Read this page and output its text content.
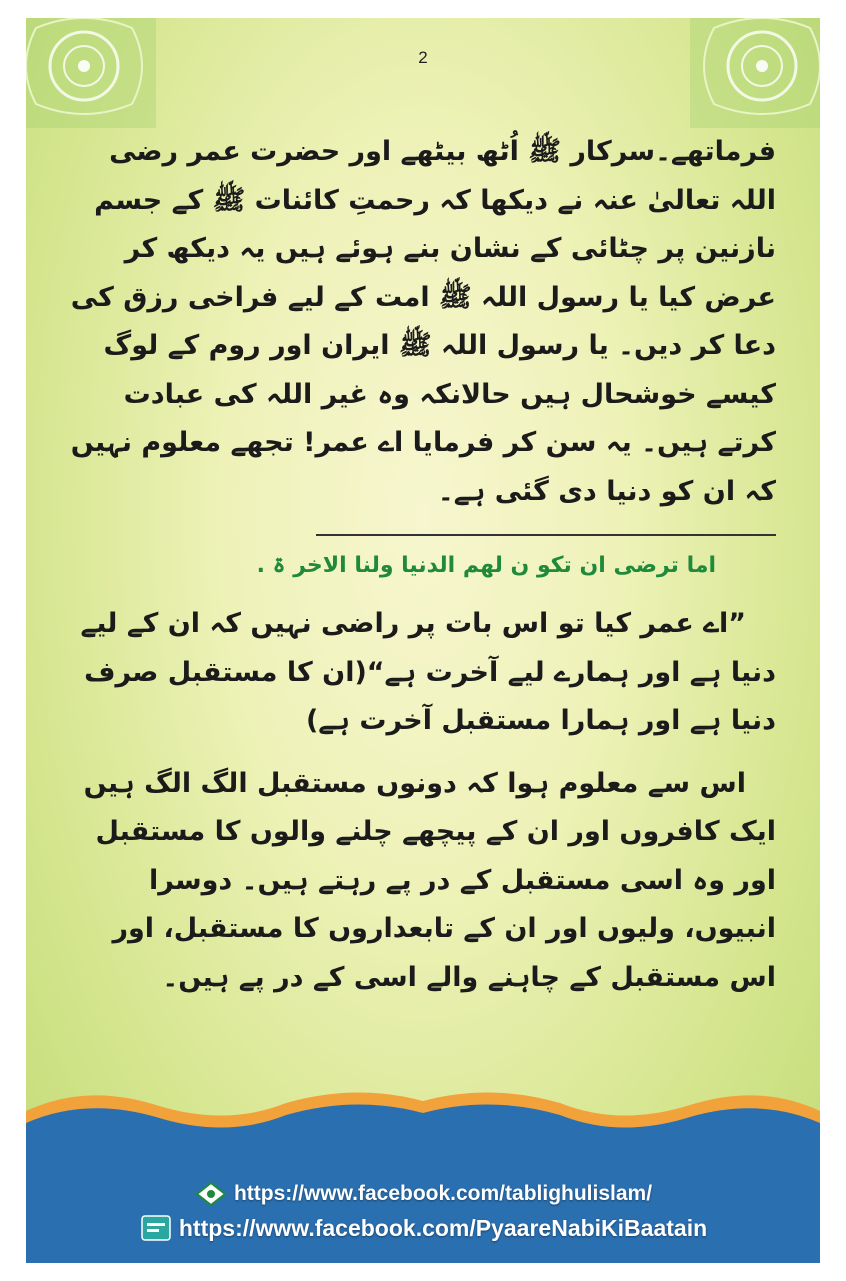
2

فرماتھے۔سرکار ﷺ اُٹھ بیٹھے اور حضرت عمر رضی اللہ تعالیٰ عنہ نے دیکھا کہ رحمتِ کائنات ﷺ کے جسم نازنین پر چٹائی کے نشان بنے ہوئے ہیں یہ دیکھ کر عرض کیا یا رسول اللہ ﷺ امت کے لیے فراخی رزق کی دعا کر دیں۔ یا رسول اللہ ﷺ ایران اور روم کے لوگ کیسے خوشحال ہیں حالانکہ وہ غیر اللہ کی عبادت کرتے ہیں۔ یہ سن کر فرمایا اے عمر! تجھے معلوم نہیں کہ ان کو دنیا دی گئی ہے۔

اما ترضی ان تکو ن لھم الدنیا ولنا الاخر ۃ .

”اے عمر کیا تو اس بات پر راضی نہیں کہ ان کے لیے دنیا ہے اور ہمارے لیے آخرت ہے“(ان کا مستقبل صرف دنیا ہے اور ہمارا مستقبل آخرت ہے)

اس سے معلوم ہوا کہ دونوں مستقبل الگ الگ ہیں ایک کافروں اور ان کے پیچھے چلنے والوں کا مستقبل اور وہ اسی مستقبل کے در پے رہتے ہیں۔ دوسرا انبیوں، ولیوں اور ان کے تابعداروں کا مستقبل، اور اس مستقبل کے چاہنے والے اسی کے در پے ہیں۔

https://www.facebook.com/tablighulislam/
https://www.facebook.com/PyaareNabiKiBaatain
